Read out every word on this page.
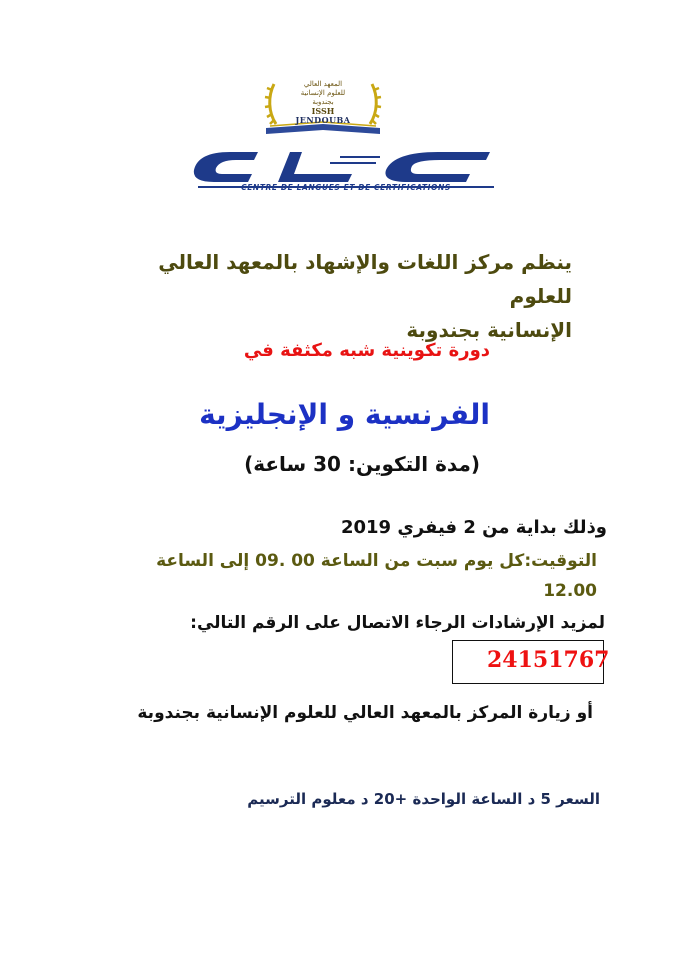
المعهد العالي
للعلوم الإنسانية
بجندوبة
ISSH
JENDOUBA
CENTRE DE LANGUES ET DE CERTIFICATIONS
ينظم مركز اللغات والإشهاد بالمعهد العالي للعلوم
الإنسانية بجندوبة
دورة تكوينية شبه مكثفة في
الفرنسية و الإنجليزية
(مدة التكوين: 30 ساعة)
وذلك بداية من 2 فيفري 2019
التوقيت:كل يوم سبت من الساعة 00 .09 إلى الساعة
12.00
لمزيد الإرشادات الرجاء الاتصال على الرقم التالي:
24151767
أو زيارة المركز بالمعهد العالي للعلوم الإنسانية بجندوبة
السعر 5 د الساعة الواحدة +20 د معلوم الترسيم
